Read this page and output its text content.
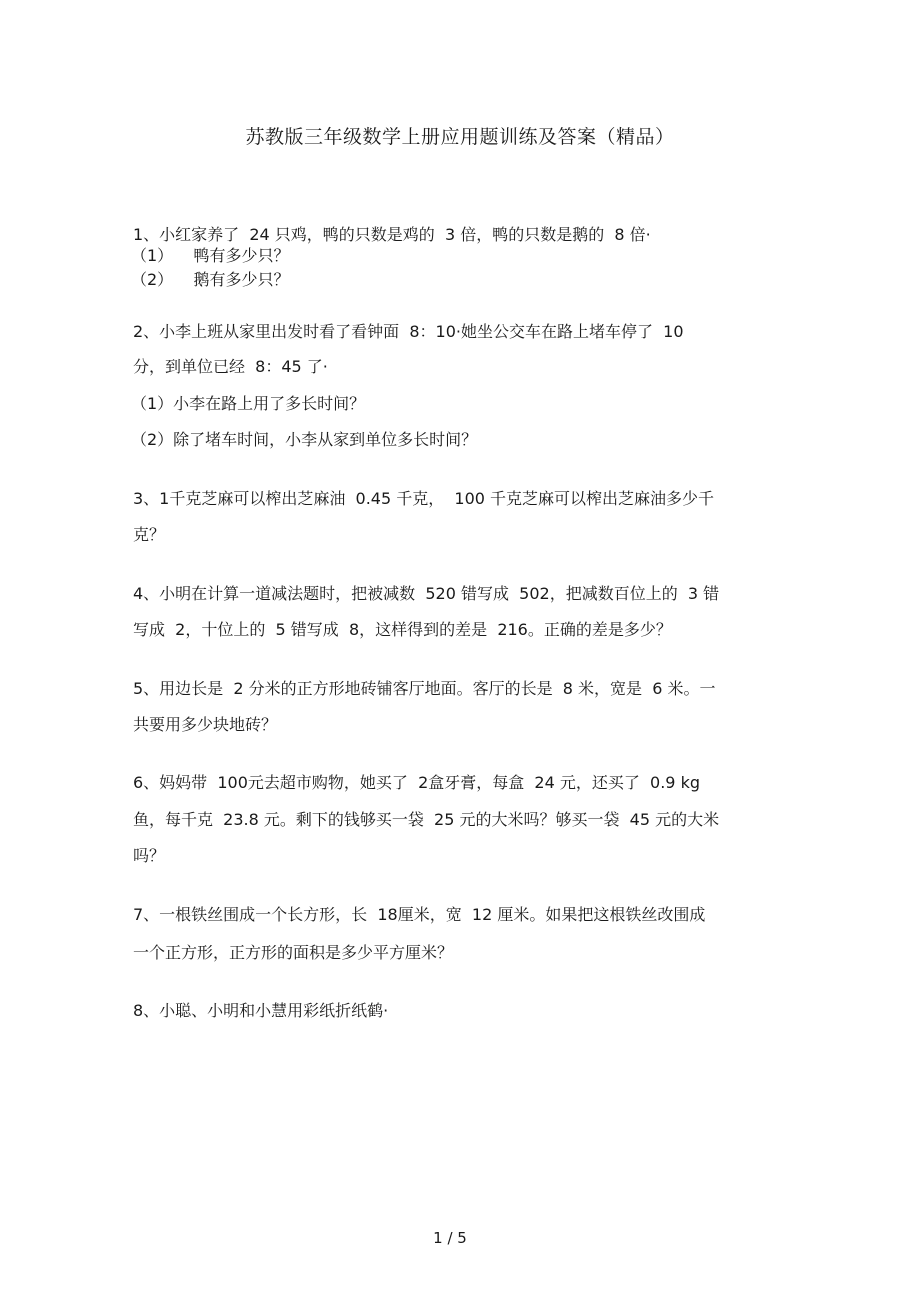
苏教版三年级数学上册应用题训练及答案（精品）
1、小红家养了  24 只鸡，鸭的只数是鸡的  3 倍，鸭的只数是鹅的  8 倍·
（1）    鸭有多少只？
（2）    鹅有多少只？
2、小李上班从家里出发时看了看钟面  8：10·她坐公交车在路上堵车停了  10
分，到单位已经  8：45 了·
（1）小李在路上用了多长时间？
（2）除了堵车时间，小李从家到单位多长时间？
3、1千克芝麻可以榨出芝麻油  0.45 千克，  100 千克芝麻可以榨出芝麻油多少千
克？
4、小明在计算一道减法题时，把被减数  520 错写成  502，把减数百位上的  3 错
写成  2，十位上的  5 错写成  8，这样得到的差是  216。正确的差是多少？
5、用边长是  2 分米的正方形地砖铺客厅地面。客厅的长是  8 米，宽是  6 米。一
共要用多少块地砖？
6、妈妈带  100元去超市购物，她买了  2盒牙膏，每盒  24 元，还买了  0.9 kg
鱼，每千克  23.8 元。剩下的钱够买一袋  25 元的大米吗？够买一袋  45 元的大米
吗？
7、一根铁丝围成一个长方形，长  18厘米，宽  12 厘米。如果把这根铁丝改围成
一个正方形，正方形的面积是多少平方厘米？
8、小聪、小明和小慧用彩纸折纸鹤·
1 / 5
